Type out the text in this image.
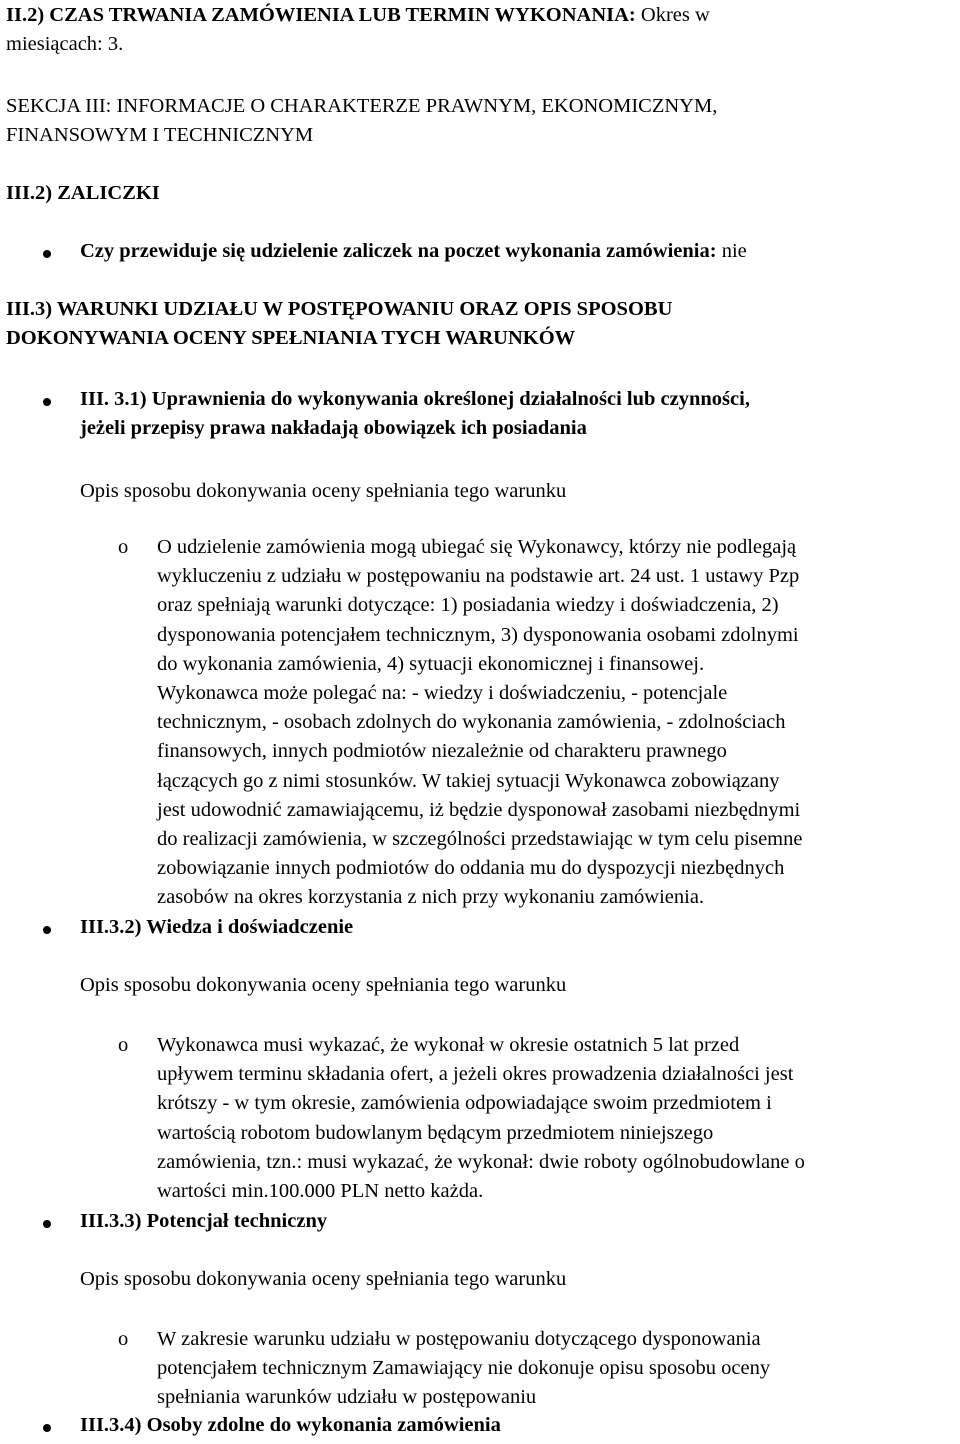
II.2) CZAS TRWANIA ZAMÓWIENIA LUB TERMIN WYKONANIA: Okres w
miesiącach: 3.

SEKCJA III: INFORMACJE O CHARAKTERZE PRAWNYM, EKONOMICZNYM,
FINANSOWYM I TECHNICZNYM

III.2) ZALICZKI

Czy przewiduje się udzielenie zaliczek na poczet wykonania zamówienia: nie

III.3) WARUNKI UDZIAŁU W POSTĘPOWANIU ORAZ OPIS SPOSOBU
DOKONYWANIA OCENY SPEŁNIANIA TYCH WARUNKÓW

III. 3.1) Uprawnienia do wykonywania określonej działalności lub czynności,
jeżeli przepisy prawa nakładają obowiązek ich posiadania

Opis sposobu dokonywania oceny spełniania tego warunku

o O udzielenie zamówienia mogą ubiegać się Wykonawcy, którzy nie podlegają
wykluczeniu z udziału w postępowaniu na podstawie art. 24 ust. 1 ustawy Pzp
oraz spełniają warunki dotyczące: 1) posiadania wiedzy i doświadczenia, 2)
dysponowania potencjałem technicznym, 3) dysponowania osobami zdolnymi
do wykonania zamówienia, 4) sytuacji ekonomicznej i finansowej.
Wykonawca może polegać na: - wiedzy i doświadczeniu, - potencjale
technicznym, - osobach zdolnych do wykonania zamówienia, - zdolnościach
finansowych, innych podmiotów niezależnie od charakteru prawnego
łączących go z nimi stosunków. W takiej sytuacji Wykonawca zobowiązany
jest udowodnić zamawiającemu, iż będzie dysponował zasobami niezbędnymi
do realizacji zamówienia, w szczególności przedstawiając w tym celu pisemne
zobowiązanie innych podmiotów do oddania mu do dyspozycji niezbędnych
zasobów na okres korzystania z nich przy wykonaniu zamówienia.

III.3.2) Wiedza i doświadczenie

Opis sposobu dokonywania oceny spełniania tego warunku

o Wykonawca musi wykazać, że wykonał w okresie ostatnich 5 lat przed
upływem terminu składania ofert, a jeżeli okres prowadzenia działalności jest
krótszy - w tym okresie, zamówienia odpowiadające swoim przedmiotem i
wartością robotom budowlanym będącym przedmiotem niniejszego
zamówienia, tzn.: musi wykazać, że wykonał: dwie roboty ogólnobudowlane o
wartości min.100.000 PLN netto każda.

III.3.3) Potencjał techniczny

Opis sposobu dokonywania oceny spełniania tego warunku

o W zakresie warunku udziału w postępowaniu dotyczącego dysponowania
potencjałem technicznym Zamawiający nie dokonuje opisu sposobu oceny
spełniania warunków udziału w postępowaniu

III.3.4) Osoby zdolne do wykonania zamówienia
